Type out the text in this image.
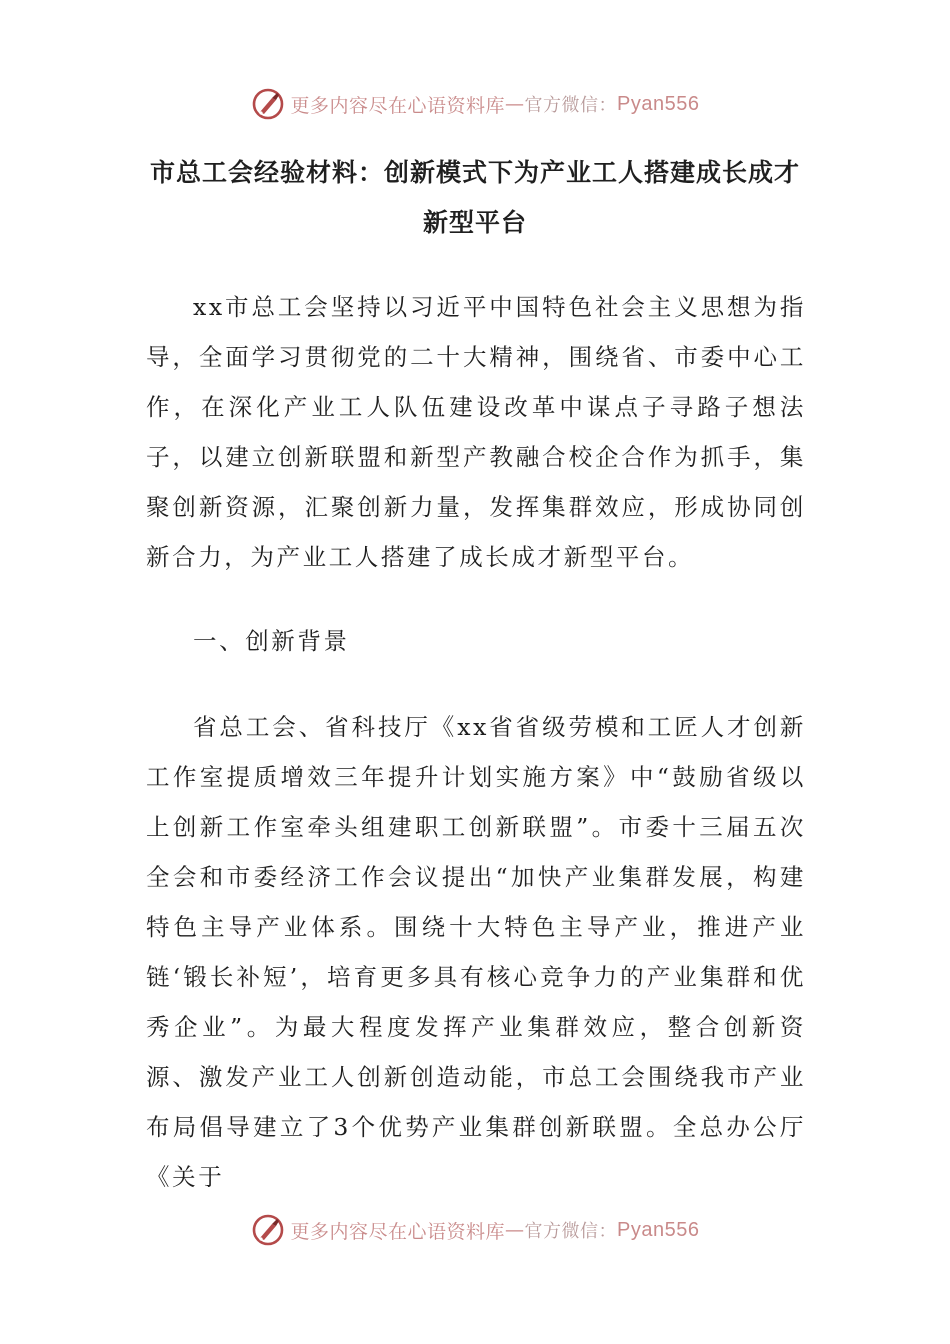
更多内容尽在心语资料库 — 官方微信： Pyan556
市总工会经验材料：创新模式下为产业工人搭建成长成才新型平台

xx市总工会坚持以习近平中国特色社会主义思想为指导，全面学习贯彻党的二十大精神，围绕省、市委中心工作，在深化产业工人队伍建设改革中谋点子寻路子想法子，以建立创新联盟和新型产教融合校企合作为抓手，集聚创新资源，汇聚创新力量，发挥集群效应，形成协同创新合力，为产业工人搭建了成长成才新型平台。

一、创新背景

省总工会、省科技厅《xx省省级劳模和工匠人才创新工作室提质增效三年提升计划实施方案》中“鼓励省级以上创新工作室牵头组建职工创新联盟”。市委十三届五次全会和市委经济工作会议提出“加快产业集群发展，构建特色主导产业体系。围绕十大特色主导产业，推进产业链‘锻长补短’，培育更多具有核心竞争力的产业集群和优秀企业”。为最大程度发挥产业集群效应，整合创新资源、激发产业工人创新创造动能，市总工会围绕我市产业布局倡导建立了3个优势产业集群创新联盟。全总办公厅《关于

更多内容尽在心语资料库 — 官方微信： Pyan556
